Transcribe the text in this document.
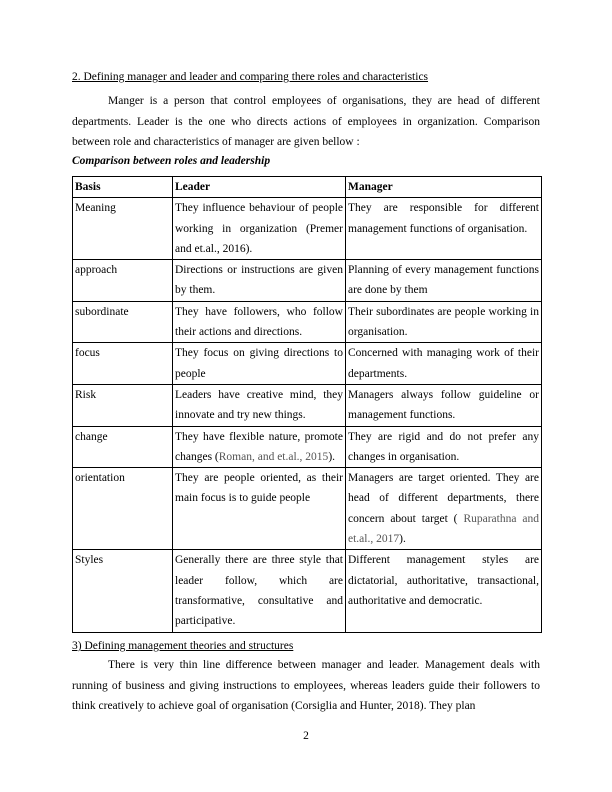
2. Defining manager and leader and comparing there roles and characteristics
Manger is a person that control employees of organisations, they are head of different departments. Leader is the one who directs actions of employees in organization. Comparison between role and characteristics of manager are given bellow :
Comparison between roles and leadership
Basis	Leader	Manager
Meaning	They influence behaviour of people working in organization (Premer and et.al., 2016).	They are responsible for different management functions of organisation.
approach	Directions or instructions are given by them.	Planning of every management functions are done by them
subordinate	They have followers, who follow their actions and directions.	Their subordinates are people working in organisation.
focus	They focus on giving directions to people	Concerned with managing work of their departments.
Risk	Leaders have creative mind, they innovate and try new things.	Managers always follow guideline or management functions.
change	They have flexible nature, promote changes (Roman, and et.al., 2015).	They are rigid and do not prefer any changes in organisation.
orientation	They are people oriented, as their main focus is to guide people	Managers are target oriented. They are head of different departments, there concern about target ( Ruparathna and et.al., 2017).
Styles	Generally there are three style that leader follow, which are transformative, consultative and participative.	Different management styles are dictatorial, authoritative, transactional, authoritative and democratic.
3) Defining management theories and structures
There is very thin line difference between manager and leader. Management deals with running of business and giving instructions to employees, whereas leaders guide their followers to think creatively to achieve goal of organisation (Corsiglia and Hunter, 2018). They plan
2
